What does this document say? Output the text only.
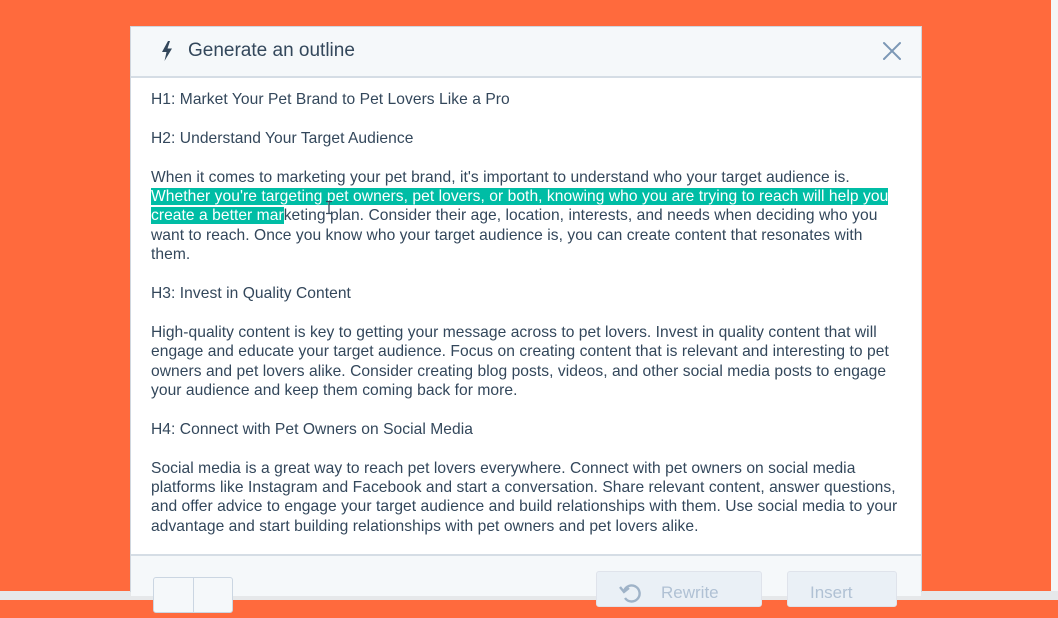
Generate an outline

H1: Market Your Pet Brand to Pet Lovers Like a Pro

H2: Understand Your Target Audience

When it comes to marketing your pet brand, it's important to understand who your target audience is. Whether you're targeting pet owners, pet lovers, or both, knowing who you are trying to reach will help you create a better marketing plan. Consider their age, location, interests, and needs when deciding who you want to reach. Once you know who your target audience is, you can create content that resonates with them.

H3: Invest in Quality Content

High-quality content is key to getting your message across to pet lovers. Invest in quality content that will engage and educate your target audience. Focus on creating content that is relevant and interesting to pet owners and pet lovers alike. Consider creating blog posts, videos, and other social media posts to engage your audience and keep them coming back for more.

H4: Connect with Pet Owners on Social Media

Social media is a great way to reach pet lovers everywhere. Connect with pet owners on social media platforms like Instagram and Facebook and start a conversation. Share relevant content, answer questions, and offer advice to engage your target audience and build relationships with them. Use social media to your advantage and start building relationships with pet owners and pet lovers alike.

Rewrite	Insert
